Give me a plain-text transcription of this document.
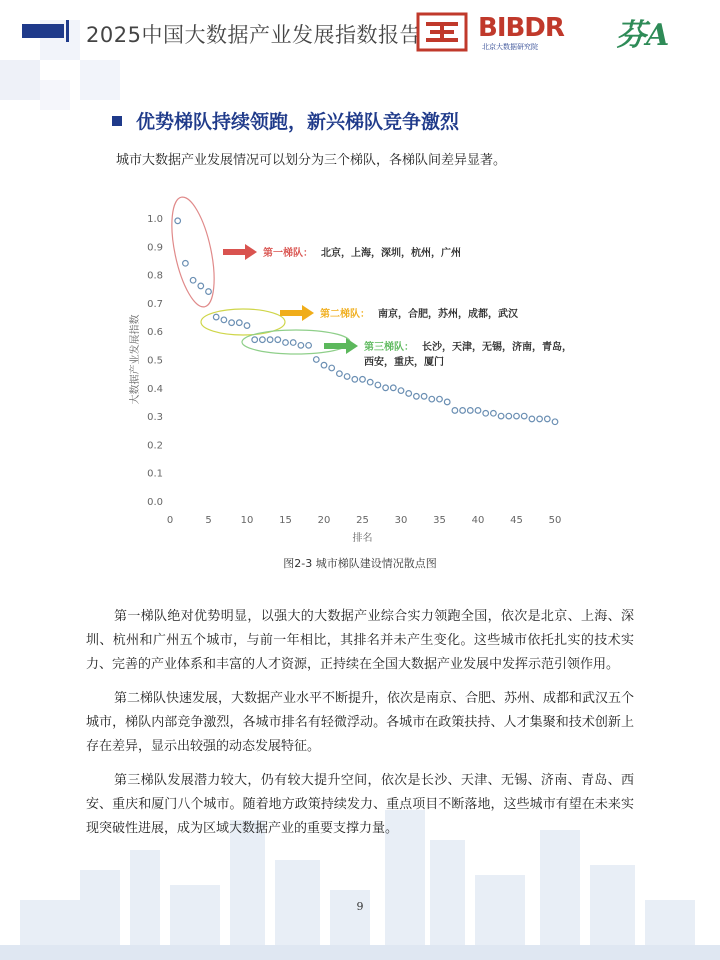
2025中国大数据产业发展指数报告 BIBDR
北京大数据研究院	芬A
优势梯队持续领跑，新兴梯队竞争激烈
城市大数据产业发展情况可以划分为三个梯队，各梯队间差异显著。
0.0
0.1
0.2
0.3
0.4
0.5
0.6
0.7
0.8
0.9
1.0
0	5	10	15	20	25	30	35	40	45	50
排名
大数据产业发展指数
第一梯队： 北京，上海，深圳，杭州，广州
第二梯队： 南京，合肥，苏州，成都，武汉
第三梯队： 长沙，天津，无锡，济南，青岛，
西安，重庆，厦门
图2-3 城市梯队建设情况散点图
第一梯队绝对优势明显，以强大的大数据产业综合实力领跑全国，依次是北京、上海、深圳、杭州和广州五个城市，与前一年相比，其排名并未产生变化。这些城市依托扎实的技术实力、完善的产业体系和丰富的人才资源，正持续在全国大数据产业发展中发挥示范引领作用。
第二梯队快速发展，大数据产业水平不断提升，依次是南京、合肥、苏州、成都和武汉五个城市，梯队内部竞争激烈，各城市排名有轻微浮动。各城市在政策扶持、人才集聚和技术创新上存在差异，显示出较强的动态发展特征。
第三梯队发展潜力较大，仍有较大提升空间，依次是长沙、天津、无锡、济南、青岛、西安、重庆和厦门八个城市。随着地方政策持续发力、重点项目不断落地，这些城市有望在未来实现突破性进展，成为区域大数据产业的重要支撑力量。
9
